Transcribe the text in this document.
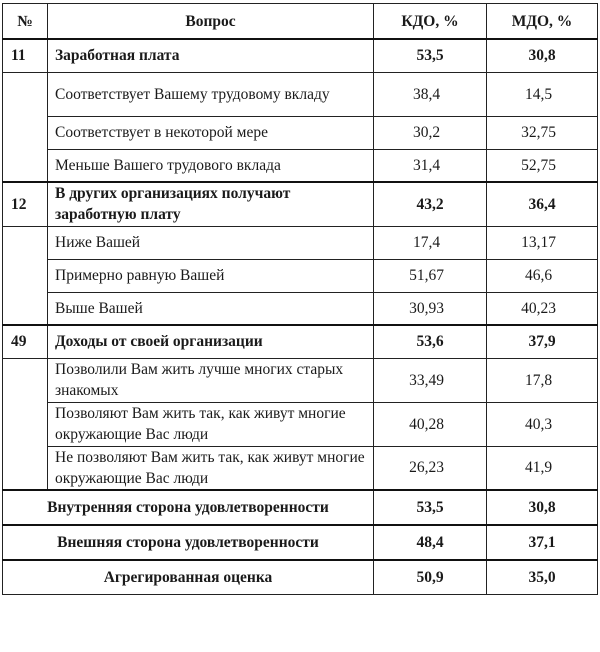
№	Вопрос	КДО, %	МДО, %
11	Заработная плата	53,5	30,8
	Соответствует Вашему трудовому вкладу	38,4	14,5
	Соответствует в некоторой мере	30,2	32,75
	Меньше Вашего трудового вклада	31,4	52,75
12	В других организациях получают заработную плату	43,2	36,4
	Ниже Вашей	17,4	13,17
	Примерно равную Вашей	51,67	46,6
	Выше Вашей	30,93	40,23
49	Доходы от своей организации	53,6	37,9
	Позволили Вам жить лучше многих старых знакомых	33,49	17,8
	Позволяют Вам жить так, как живут многие окружающие Вас люди	40,28	40,3
	Не позволяют Вам жить так, как живут многие окружающие Вас люди	26,23	41,9
Внутренняя сторона удовлетворенности		53,5	30,8
Внешняя сторона удовлетворенности		48,4	37,1
Агрегированная оценка		50,9	35,0
